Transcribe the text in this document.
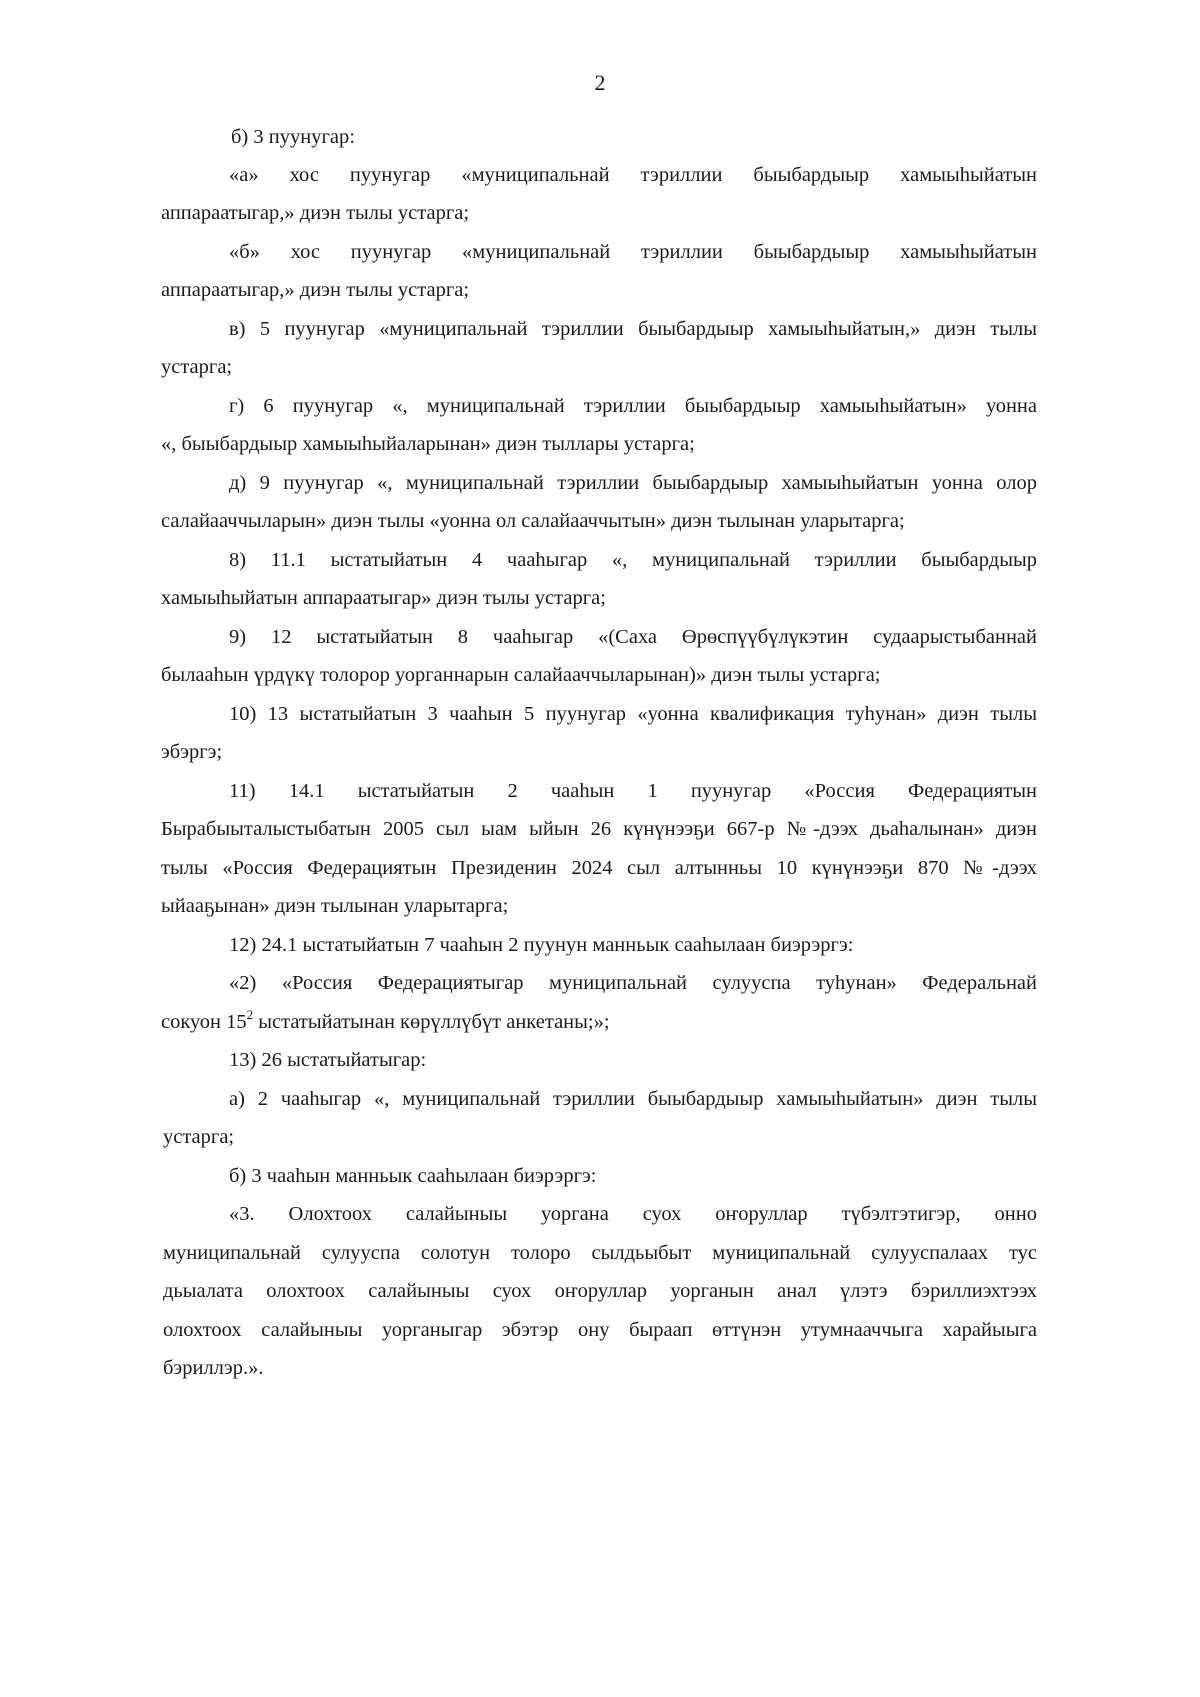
2

б) 3 пуунугар:

«а» хос пуунугар «муниципальнай тэриллии быыбардыыр хамыыhыйатын

аппараатыгар,» диэн тылы устарга;

«б» хос пуунугар «муниципальнай тэриллии быыбардыыр хамыыhыйатын

аппараатыгар,» диэн тылы устарга;

в) 5 пуунугар «муниципальнай тэриллии быыбардыыр хамыыhыйатын,» диэн тылы

устарга;

г) 6 пуунугар «, муниципальнай тэриллии быыбардыыр хамыыhыйатын» уонна

«, быыбардыыр хамыыhыйаларынан» диэн тыллары устарга;

д) 9 пуунугар «, муниципальнай тэриллии быыбардыыр хамыыhыйатын уонна олор

салайааччыларын» диэн тылы «уонна ол салайааччытын» диэн тылынан уларытарга;

8) 11.1 ыстатыйатын 4 чааhыгар «, муниципальнай тэриллии быыбардыыр

хамыыhыйатын аппараатыгар» диэн тылы устарга;

9) 12 ыстатыйатын 8 чааhыгар «(Саха Өрөспүүбүлүкэтин судаарыстыбаннай

былааhын үрдүкү толорор уорганнарын салайааччыларынан)» диэн тылы устарга;

10) 13 ыстатыйатын 3 чааhын 5 пуунугар «уонна квалификация туhунан» диэн тылы

эбэргэ;

11) 14.1 ыстатыйатын 2 чааhын 1 пуунугар «Россия Федерациятын

Бырабыыталыстыбатын 2005 сыл ыам ыйын 26 күнүнээҕи 667-р №-дээх дьаhалынан» диэн

тылы «Россия Федерациятын Президенин 2024 сыл алтынньы 10 күнүнээҕи 870 №-дээх

ыйааҕынан» диэн тылынан уларытарга;

12) 24.1 ыстатыйатын 7 чааhын 2 пуунун манньык сааhылаан биэрэргэ:

«2) «Россия Федерациятыгар муниципальнай сулууспа туhунан» Федеральнай

сокуон $15^2$ ыстатыйатынан көрүллүбүт анкетаны;»;

13) 26 ыстатыйатыгар:

а) 2 чааhыгар «, муниципальнай тэриллии быыбардыыр хамыыhыйатын» диэн тылы

устарга;

б) 3 чааhын манньык сааhылаан биэрэргэ:

«3. Олохтоох салайыныы уоргана суох оҥоруллар түбэлтэтигэр, онно

муниципальнай сулууспа солотун толоро сылдьыбыт муниципальнай сулууспалаах тус

дьыалата олохтоох салайыныы суох оҥоруллар уорганын анал үлэтэ бэриллиэхтээх

олохтоох салайыныы уорганыгар эбэтэр ону быраап өттүнэн утумнааччыга харайыыга

бэриллэр.».
